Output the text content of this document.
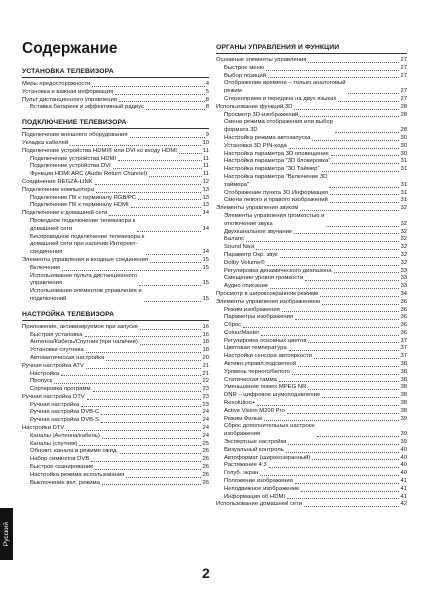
Содержание
УСТАНОВКА ТЕЛЕВИЗОРА
Меры предосторожности	4
Установка и важная информация	5
Пульт дистанционного управления	8
Вставка батареек и эффективный радиус	8
ПОДКЛЮЧЕНИЕ ТЕЛЕВИЗОРА
Подключение внешнего оборудования	9
Укладка кабелей	10
Подключение устройства HDMI® или DVI ко входу HDMI	11
Подключение устройства HDMI	11
Подключение устройства DVI	11
Функция HDMI ARC (Audio Return Channel)	11
Соединение REGZA-LINK	12
Подключение компьютера	13
Подключение ПК к терминалу RGB/PC	13
Подключение ПК к терминалу HDMI	13
Подключение к домашней сети	14
Проводное подключение телевизора к
домашней сети	14
Беспроводное подключение телевизора к
домашней сети при наличии Интернет-
соединения	14
Элементы управления и входные соединения	15
Включение	15
Использование пульта дистанционного
управления	15
Использование элементов управления и
подключений	15
НАСТРОЙКА ТЕЛЕВИЗОРА
Приложение, активизируемое при запуске	16
Быстрая установка	16
Антенна/Кабель/Спутник (при наличии)	18
Установки спутника	18
Автоматическая настройка	20
Ручная настройка ATV	21
Настройка	21
Пропуск	22
Сортировка программ	23
Ручная настройка DTV	23
Ручная настройка	23
Ручная настройка DVB-C	24
Ручная настройка DVB-S	24
Настройки DTV	24
Каналы (Антенна/кабель)	24
Каналы (спутник)	25
Обновл. канала в режиме ожид.	26
Набор символов DVB	26
Быстрое сканирование	26
Настройка режима использования	26
Выключение вкл. режима	26
ОРГАНЫ УПРАВЛЕНИЯ И ФУНКЦИИ
Основные элементы управления	27
Быстрое меню	27
Выбор позиций	27
Отображение времени – только аналоговый
режим	27
Стереоприем и передача на двух языках	27
Использование функций 3D	28
Просмотр 3D-изображений	28
Смена режима отображения или выбор
формата 3D	28
Настройка режима автозапуска	30
Установка 3D PIN-кода	30
Настройка параметра 3D оповещение	30
Настройка параметра "3D блокировка"	31
Настройка параметра "3D Таймер"	31
Настройка параметра "Включение 3D
таймера"	31
Отображение пункта 3D Информация	31
Смена левого и правого изображений	31
Элементы управления звуком	32
Элементы управления громкостью и
отключение звука	32
Двухканальное звучание	32
Баланс	32
Sound Navi	32
Параметр Окр. звук	32
Dolby Volume®	32
Регулировка динамического диапазона	33
Смещение уровня громкости	33
Аудио описание	33
Просмотр в широкоэкранном режиме	34
Элементы управления изображением	36
Режим изображения	36
Параметры изображения	36
Сброс	36
ColourMaster	36
Регулировка основных цветов	37
Цветовая температура	37
Настройки сенсора автояркости	37
Активн.управл.подсветкой	38
Уровень черного/белого	38
Статическая гамма	38
Уменьшение помех MPEG NR	38
DNR – цифровое шумоподавление	38
Resolution+	38
Active Vision M200 Pro	38
Режим Фильм	39
Сброс дополнительных настроек
изображения	39
Экспертные настройки	39
Визуальный контроль	40
Автоформат (широкоэкранный)	40
Растяжение 4:3	40
Голуб. экран	40
Положение изображения	41
Неподвижное изображение	41
Информация об HDMI	41
Использование домашней сети	42
Русский
2
